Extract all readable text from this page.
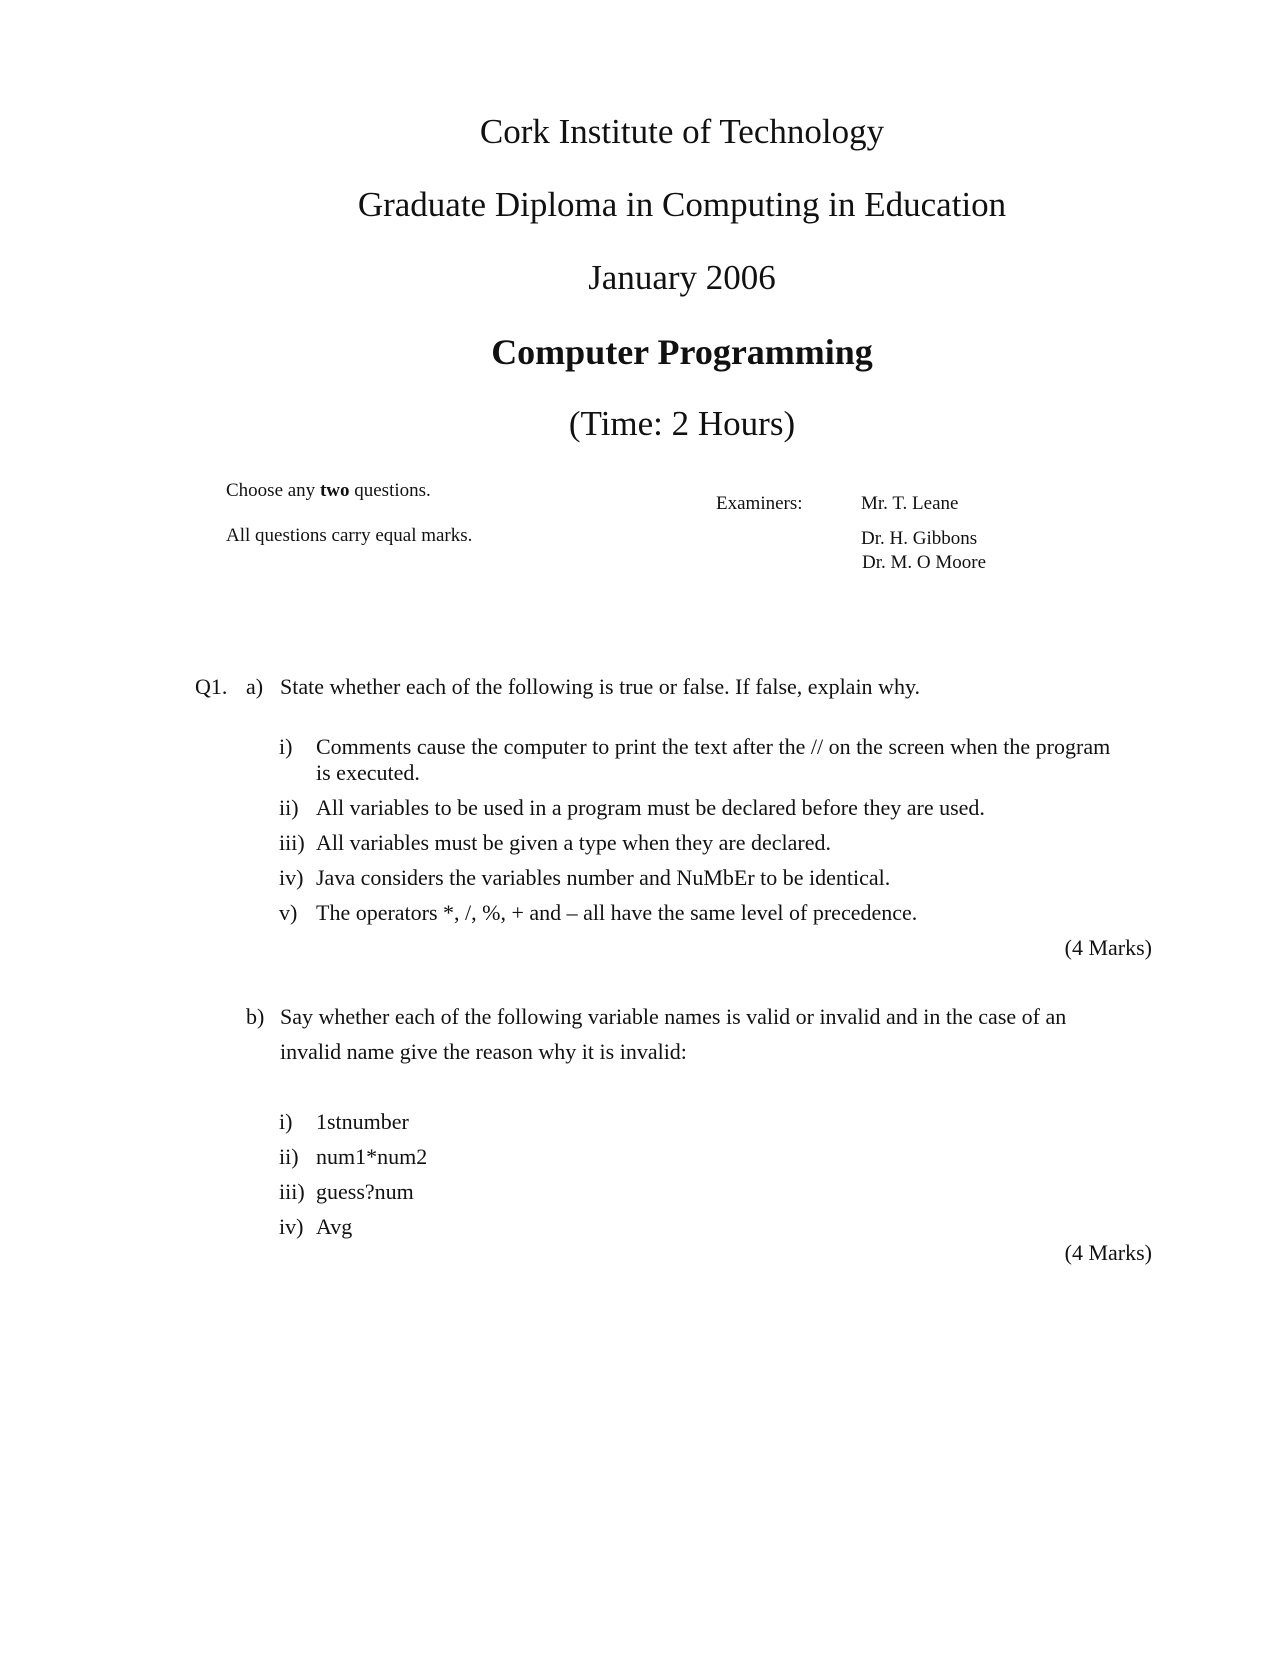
Cork Institute of Technology
Graduate Diploma in Computing in Education
January 2006
Computer Programming
(Time: 2 Hours)
Choose any two questions.
All questions carry equal marks.
Examiners:	Mr. T. Leane
Dr. H. Gibbons
Dr. M. O Moore
Q1. a) State whether each of the following is true or false. If false, explain why.
i) Comments cause the computer to print the text after the // on the screen when the program
is executed.
ii) All variables to be used in a program must be declared before they are used.
iii) All variables must be given a type when they are declared.
iv) Java considers the variables number and NuMbEr to be identical.
v) The operators *, /, %, + and – all have the same level of precedence.
(4 Marks)
b) Say whether each of the following variable names is valid or invalid and in the case of an
invalid name give the reason why it is invalid:
i) 1stnumber
ii) num1*num2
iii) guess?num
iv) Avg
(4 Marks)
